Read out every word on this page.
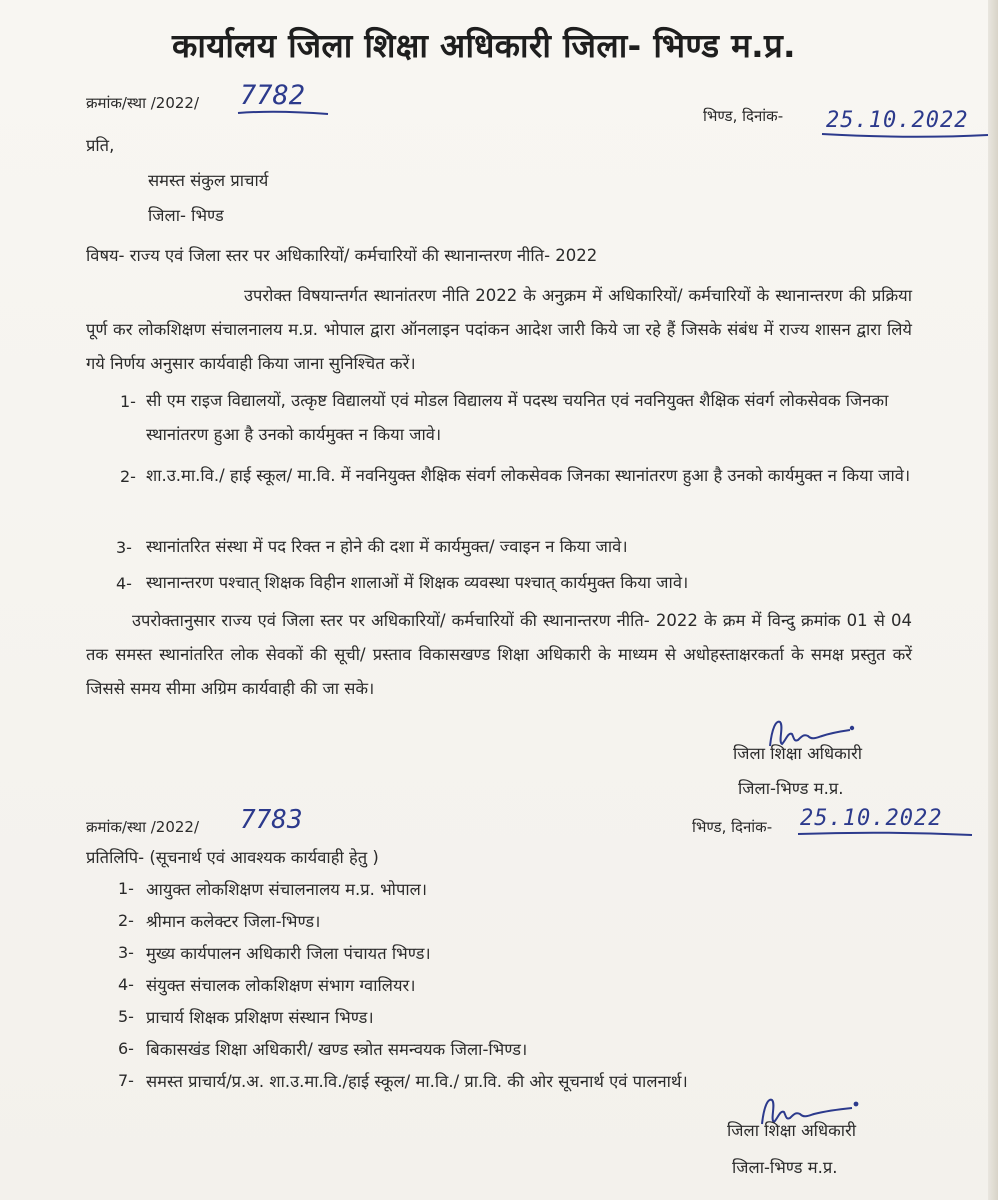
कार्यालय जिला शिक्षा अधिकारी जिला- भिण्ड म.प्र.
क्रमांक/स्था /2022/ 7782
भिण्ड, दिनांक- 25.10.2022
प्रति,
समस्त संकुल प्राचार्य
जिला- भिण्ड
विषय- राज्य एवं जिला स्तर पर अधिकारियों/ कर्मचारियों की स्थानान्तरण नीति- 2022
उपरोक्त विषयान्तर्गत स्थानांतरण नीति 2022 के अनुक्रम में अधिकारियों/ कर्मचारियों के स्थानान्तरण की प्रक्रिया पूर्ण कर लोकशिक्षण संचालनालय म.प्र. भोपाल द्वारा ऑनलाइन पदांकन आदेश जारी किये जा रहे हैं जिसके संबंध में राज्य शासन द्वारा लिये गये निर्णय अनुसार कार्यवाही किया जाना सुनिश्चित करें।
1- सी एम राइज विद्यालयों, उत्कृष्ट विद्यालयों एवं मोडल विद्यालय में पदस्थ चयनित एवं नवनियुक्त शैक्षिक संवर्ग लोकसेवक जिनका स्थानांतरण हुआ है उनको कार्यमुक्त न किया जावे।
2- शा.उ.मा.वि./ हाई स्कूल/ मा.वि. में नवनियुक्त शैक्षिक संवर्ग लोकसेवक जिनका स्थानांतरण हुआ है उनको कार्यमुक्त न किया जावे।
3- स्थानांतरित संस्था में पद रिक्त न होने की दशा में कार्यमुक्त/ ज्वाइन न किया जावे।
4- स्थानान्तरण पश्चात् शिक्षक विहीन शालाओं में शिक्षक व्यवस्था पश्चात् कार्यमुक्त किया जावे।
उपरोक्तानुसार राज्य एवं जिला स्तर पर अधिकारियों/ कर्मचारियों की स्थानान्तरण नीति- 2022 के क्रम में विन्दु क्रमांक 01 से 04 तक समस्त स्थानांतरित लोक सेवकों की सूची/ प्रस्ताव विकासखण्ड शिक्षा अधिकारी के माध्यम से अधोहस्ताक्षरकर्ता के समक्ष प्रस्तुत करें जिससे समय सीमा अग्रिम कार्यवाही की जा सके।
जिला शिक्षा अधिकारी
जिला-भिण्ड म.प्र.
क्रमांक/स्था /2022/ 7783	भिण्ड, दिनांक- 25.10.2022
प्रतिलिपि- (सूचनार्थ एवं आवश्यक कार्यवाही हेतु )
1- आयुक्त लोकशिक्षण संचालनालय म.प्र. भोपाल।
2- श्रीमान कलेक्टर जिला-भिण्ड।
3- मुख्य कार्यपालन अधिकारी जिला पंचायत भिण्ड।
4- संयुक्त संचालक लोकशिक्षण संभाग ग्वालियर।
5- प्राचार्य शिक्षक प्रशिक्षण संस्थान भिण्ड।
6- बिकासखंड शिक्षा अधिकारी/ खण्ड स्त्रोत समन्वयक जिला-भिण्ड।
7- समस्त प्राचार्य/प्र.अ. शा.उ.मा.वि./हाई स्कूल/ मा.वि./ प्रा.वि. की ओर सूचनार्थ एवं पालनार्थ।
जिला शिक्षा अधिकारी
जिला-भिण्ड म.प्र.
